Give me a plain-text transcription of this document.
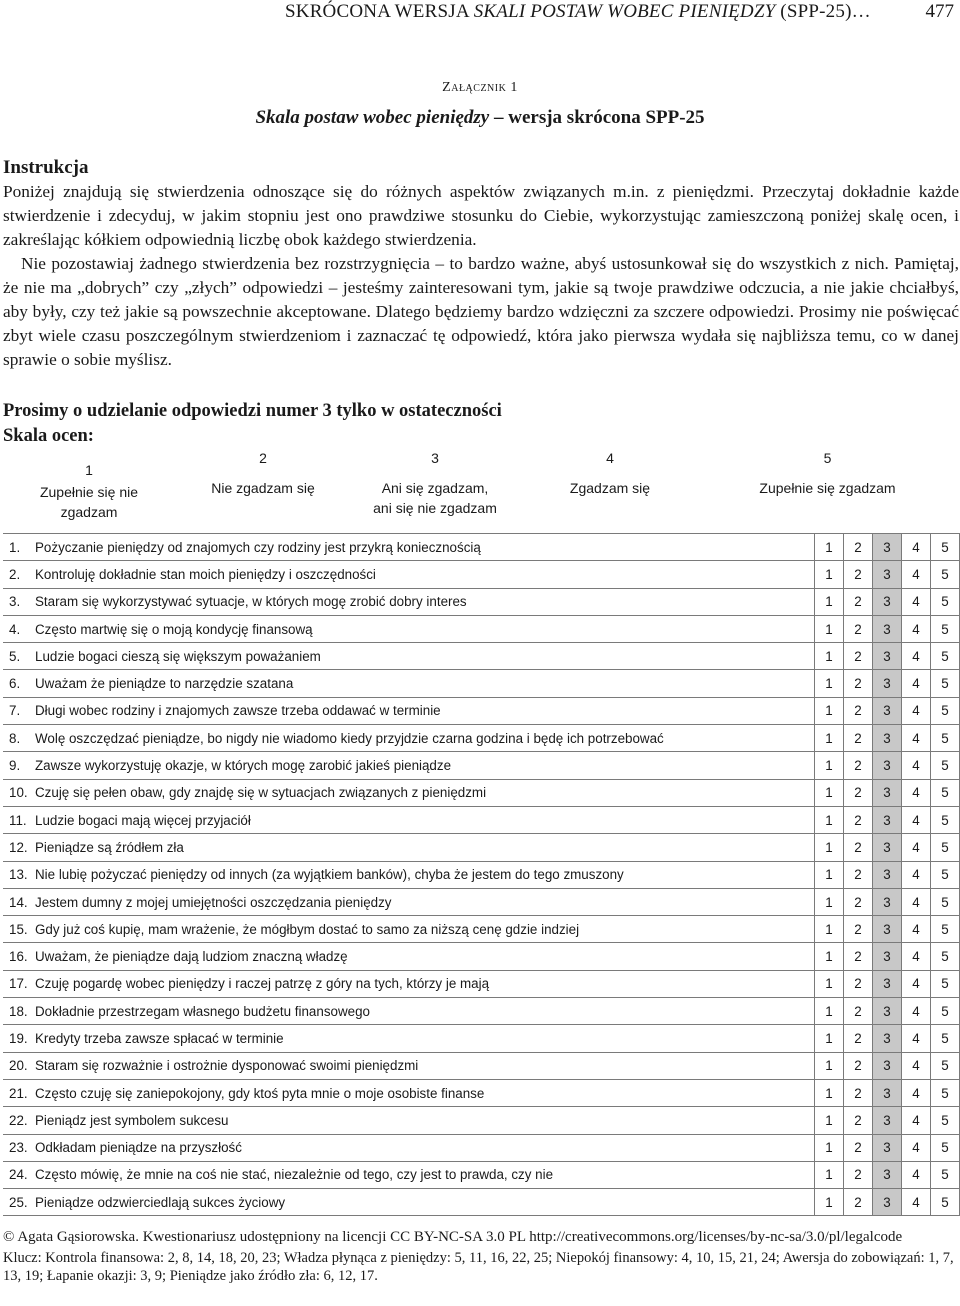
SKRÓCONA WERSJA SKALI POSTAW WOBEC PIENIĘDZY (SPP-25)…	477
Załącznik 1
Skala postaw wobec pieniędzy – wersja skrócona SPP-25
Instrukcja

Poniżej znajdują się stwierdzenia odnoszące się do różnych aspektów związanych m.in. z pieniędzmi. Przeczytaj dokładnie każde stwierdzenie i zdecyduj, w jakim stopniu jest ono prawdziwe stosunku do Ciebie, wykorzystując zamieszczoną poniżej skalę ocen, i zakreślając kółkiem odpowiednią liczbę obok każdego stwierdzenia.

Nie pozostawiaj żadnego stwierdzenia bez rozstrzygnięcia – to bardzo ważne, abyś ustosunkował się do wszystkich z nich. Pamiętaj, że nie ma „dobrych” czy „złych” odpowiedzi – jesteśmy zainteresowani tym, jakie są twoje prawdziwe odczucia, a nie jakie chciałbyś, aby były, czy też jakie są powszechnie akceptowane. Dlatego będziemy bardzo wdzięczni za szczere odpowiedzi. Prosimy nie poświęcać zbyt wiele czasu poszczególnym stwierdzeniom i zaznaczać tę odpowiedź, która jako pierwsza wydała się najbliższa temu, co w danej sprawie o sobie myślisz.

Prosimy o udzielanie odpowiedzi numer 3 tylko w ostateczności
Skala ocen:
1
Zupełnie się nie
zgadzam
2
Nie zgadzam się
3
Ani się zgadzam,
ani się nie zgadzam
4
Zgadzam się
5
Zupełnie się zgadzam
1. Pożyczanie pieniędzy od znajomych czy rodziny jest przykrą koniecznością	1	2	3	4	5
2. Kontroluję dokładnie stan moich pieniędzy i oszczędności	1	2	3	4	5
3. Staram się wykorzystywać sytuacje, w których mogę zrobić dobry interes	1	2	3	4	5
4. Często martwię się o moją kondycję finansową	1	2	3	4	5
5. Ludzie bogaci cieszą się większym poważaniem	1	2	3	4	5
6. Uważam że pieniądze to narzędzie szatana	1	2	3	4	5
7. Długi wobec rodziny i znajomych zawsze trzeba oddawać w terminie	1	2	3	4	5
8. Wolę oszczędzać pieniądze, bo nigdy nie wiadomo kiedy przyjdzie czarna godzina i będę ich potrzebować	1	2	3	4	5
9. Zawsze wykorzystuję okazje, w których mogę zarobić jakieś pieniądze	1	2	3	4	5
10. Czuję się pełen obaw, gdy znajdę się w sytuacjach związanych z pieniędzmi	1	2	3	4	5
11. Ludzie bogaci mają więcej przyjaciół	1	2	3	4	5
12. Pieniądze są źródłem zła	1	2	3	4	5
13. Nie lubię pożyczać pieniędzy od innych (za wyjątkiem banków), chyba że jestem do tego zmuszony	1	2	3	4	5
14. Jestem dumny z mojej umiejętności oszczędzania pieniędzy	1	2	3	4	5
15. Gdy już coś kupię, mam wrażenie, że mógłbym dostać to samo za niższą cenę gdzie indziej	1	2	3	4	5
16. Uważam, że pieniądze dają ludziom znaczną władzę	1	2	3	4	5
17. Czuję pogardę wobec pieniędzy i raczej patrzę z góry na tych, którzy je mają	1	2	3	4	5
18. Dokładnie przestrzegam własnego budżetu finansowego	1	2	3	4	5
19. Kredyty trzeba zawsze spłacać w terminie	1	2	3	4	5
20. Staram się rozważnie i ostrożnie dysponować swoimi pieniędzmi	1	2	3	4	5
21. Często czuję się zaniepokojony, gdy ktoś pyta mnie o moje osobiste finanse	1	2	3	4	5
22. Pieniądz jest symbolem sukcesu	1	2	3	4	5
23. Odkładam pieniądze na przyszłość	1	2	3	4	5
24. Często mówię, że mnie na coś nie stać, niezależnie od tego, czy jest to prawda, czy nie	1	2	3	4	5
25. Pieniądze odzwierciedlają sukces życiowy	1	2	3	4	5
© Agata Gąsiorowska. Kwestionariusz udostępniony na licencji CC BY-NC-SA 3.0 PL http://creativecommons.org/licenses/by-nc-sa/3.0/pl/legalcode
Klucz: Kontrola finansowa: 2, 8, 14, 18, 20, 23; Władza płynąca z pieniędzy: 5, 11, 16, 22, 25; Niepokój finansowy: 4, 10, 15, 21, 24; Awersja do zobowiązań: 1, 7, 13, 19; Łapanie okazji: 3, 9; Pieniądze jako źródło zła: 6, 12, 17.
